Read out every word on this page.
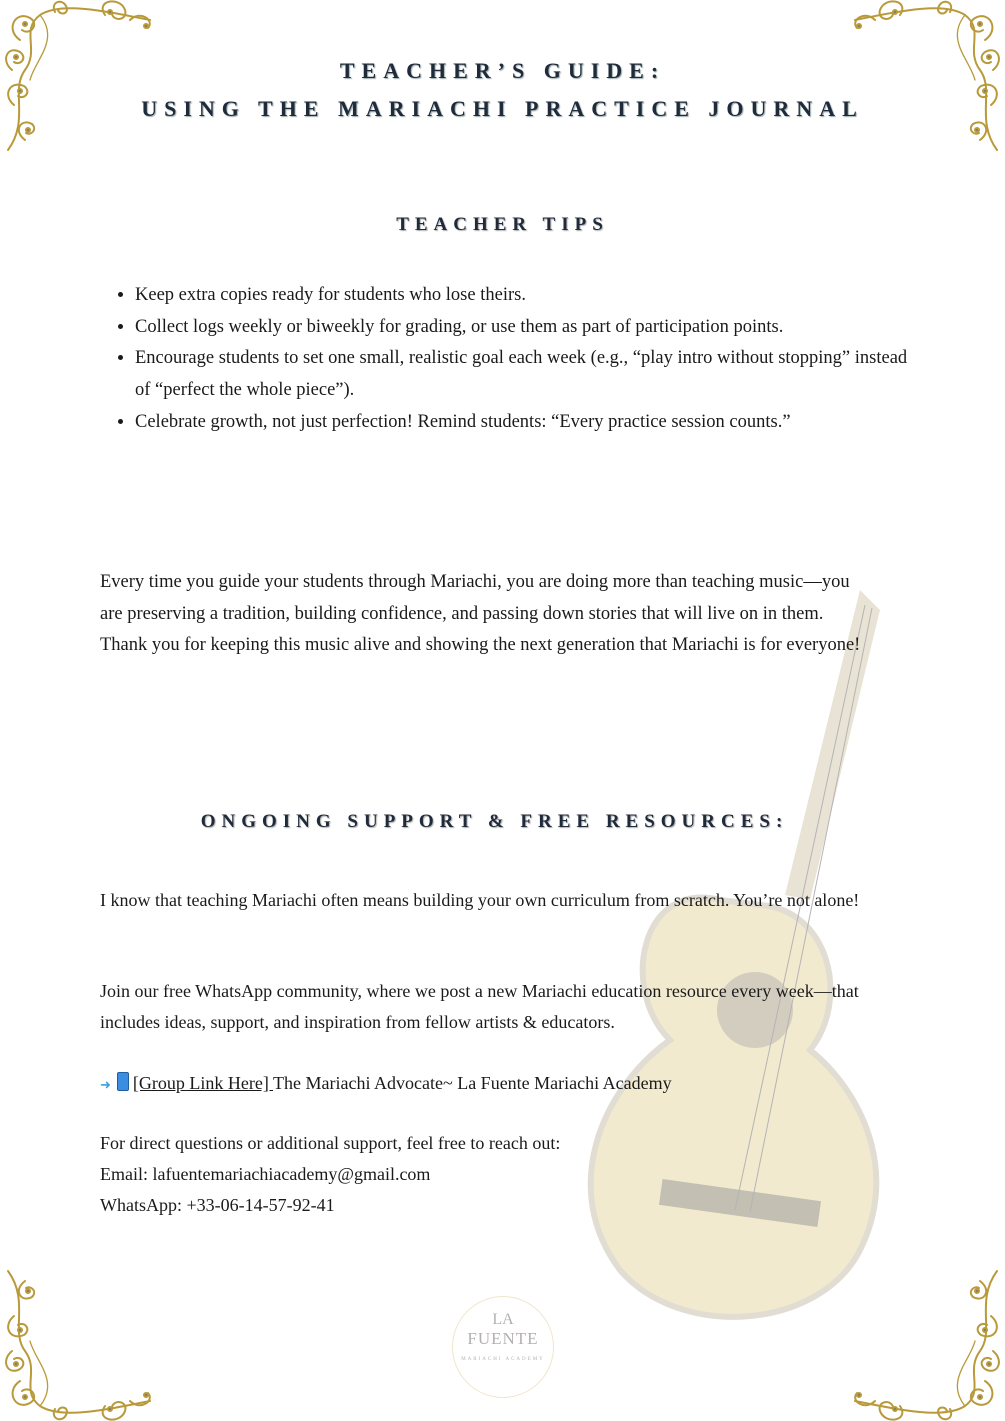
TEACHER’S GUIDE:
USING THE MARIACHI PRACTICE JOURNAL
TEACHER TIPS
• Keep extra copies ready for students who lose theirs.
• Collect logs weekly or biweekly for grading, or use them as part of participation points.
• Encourage students to set one small, realistic goal each week (e.g., “play intro without stopping” instead of “perfect the whole piece”).
• Celebrate growth, not just perfection! Remind students: “Every practice session counts.”

Every time you guide your students through Mariachi, you are doing more than teaching music—you are preserving a tradition, building confidence, and passing down stories that will live on in them. Thank you for keeping this music alive and showing the next generation that Mariachi is for everyone!

ONGOING SUPPORT & FREE RESOURCES:

I know that teaching Mariachi often means building your own curriculum from scratch. You’re not alone!

Join our free WhatsApp community, where we post a new Mariachi education resource every week—that includes ideas, support, and inspiration from fellow artists & educators.

➜ [Group Link Here] The Mariachi Advocate~ La Fuente Mariachi Academy

For direct questions or additional support, feel free to reach out:

Email: lafuentemariachiacademy@gmail.com

WhatsApp: +33-06-14-57-92-41

LA
FUENTE
MARIACHI ACADEMY
